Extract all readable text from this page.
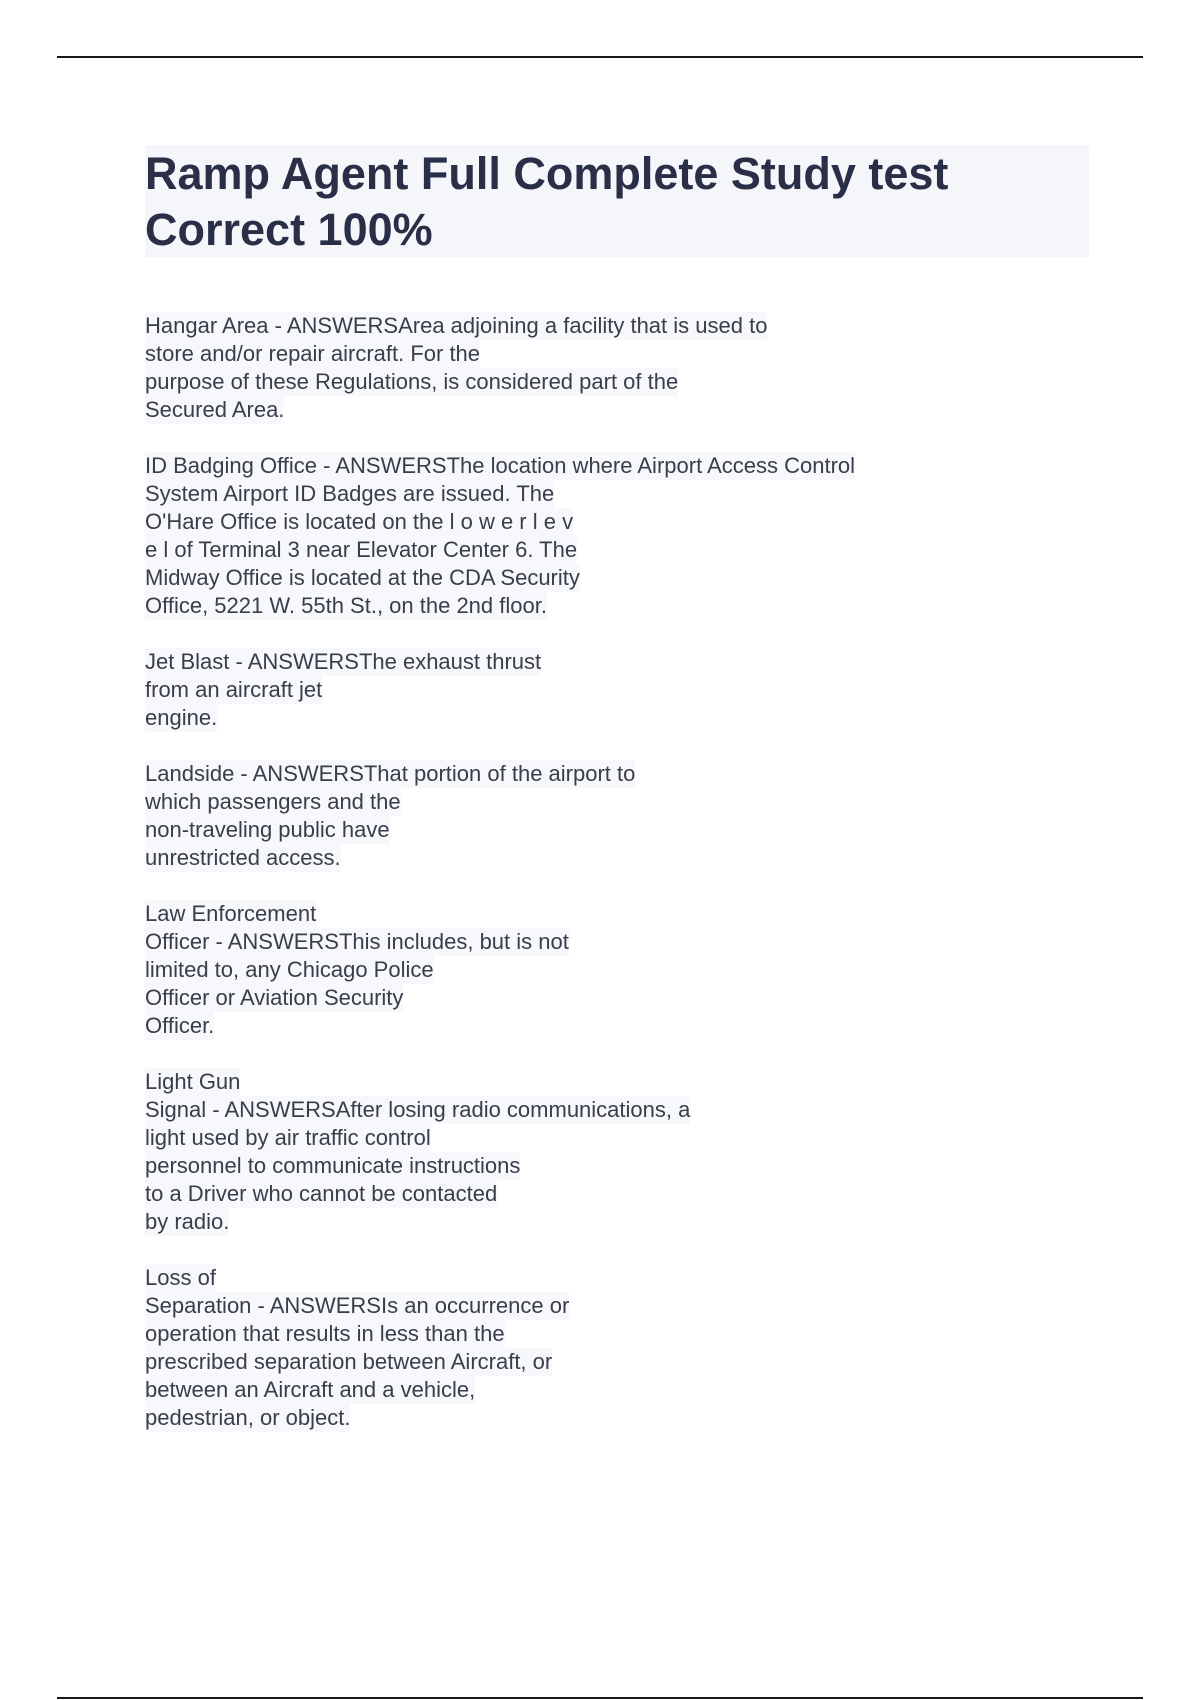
Ramp Agent Full Complete Study test
Correct 100%
Hangar Area - ANSWERSArea adjoining a facility that is used to
store and/or repair aircraft. For the
purpose of these Regulations, is considered part of the
Secured Area.
ID Badging Office - ANSWERSThe location where Airport Access Control
System Airport ID Badges are issued. The
O'Hare Office is located on the l o w e r l e v
e l of Terminal 3 near Elevator Center 6. The
Midway Office is located at the CDA Security
Office, 5221 W. 55th St., on the 2nd floor.
Jet Blast - ANSWERSThe exhaust thrust
from an aircraft jet
engine.
Landside - ANSWERSThat portion of the airport to
which passengers and the
non-traveling public have
unrestricted access.
Law Enforcement
Officer - ANSWERSThis includes, but is not
limited to, any Chicago Police
Officer or Aviation Security
Officer.
Light Gun
Signal - ANSWERSAfter losing radio communications, a
light used by air traffic control
personnel to communicate instructions
to a Driver who cannot be contacted
by radio.
Loss of
Separation - ANSWERSIs an occurrence or
operation that results in less than the
prescribed separation between Aircraft, or
between an Aircraft and a vehicle,
pedestrian, or object.
